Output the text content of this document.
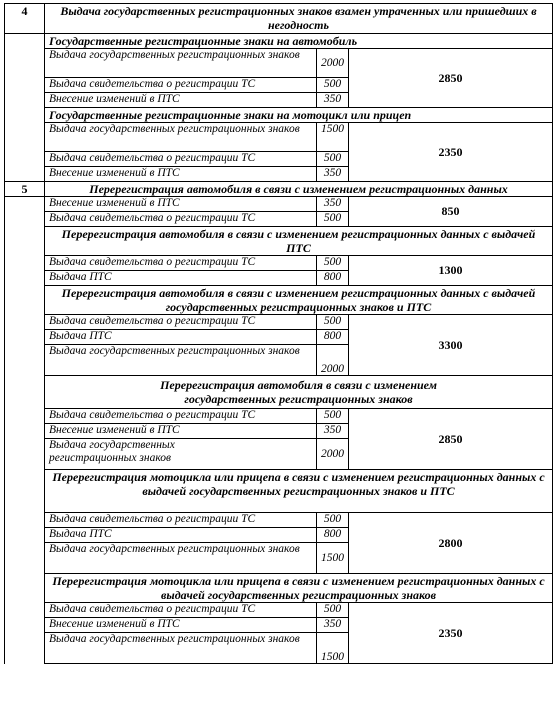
4	Выдача государственных регистрационных знаков взамен утраченных или пришедших в негодность		
	Государственные регистрационные знаки на автомобиль		
	Выдача государственных регистрационных знаков	2000	2850
	Выдача свидетельства о регистрации ТС	500	
	Внесение изменений в ПТС	350	
	Государственные регистрационные знаки на мотоцикл или прицеп		
	Выдача государственных регистрационных знаков	1500	2350
	Выдача свидетельства о регистрации ТС	500	
	Внесение изменений в ПТС	350	
5	Перерегистрация автомобиля в связи с изменением регистрационных данных		
	Внесение изменений в ПТС	350	850
	Выдача свидетельства о регистрации ТС	500	
	Перерегистрация автомобиля в связи с изменением регистрационных данных с выдачей ПТС		
	Выдача свидетельства о регистрации ТС	500	1300
	Выдача ПТС	800	
	Перерегистрация автомобиля в связи с изменением регистрационных данных с выдачей государственных регистрационных знаков и ПТС		
	Выдача свидетельства о регистрации ТС	500	3300
	Выдача ПТС	800	
	Выдача государственных регистрационных знаков	2000	
	Перерегистрация автомобиля в связи с изменением государственных регистрационных знаков		
	Выдача свидетельства о регистрации ТС	500	2850
	Внесение изменений в ПТС	350	
	Выдача государственных регистрационных знаков	2000	
	Перерегистрация мотоцикла или прицепа в связи с изменением регистрационных данных с выдачей государственных регистрационных знаков и ПТС		
	Выдача свидетельства о регистрации ТС	500	2800
	Выдача ПТС	800	
	Выдача государственных регистрационных знаков	1500	
	Перерегистрация мотоцикла или прицепа в связи с изменением регистрационных данных с выдачей государственных регистрационных знаков		
	Выдача свидетельства о регистрации ТС	500	2350
	Внесение изменений в ПТС	350	
	Выдача государственных регистрационных знаков	1500	
